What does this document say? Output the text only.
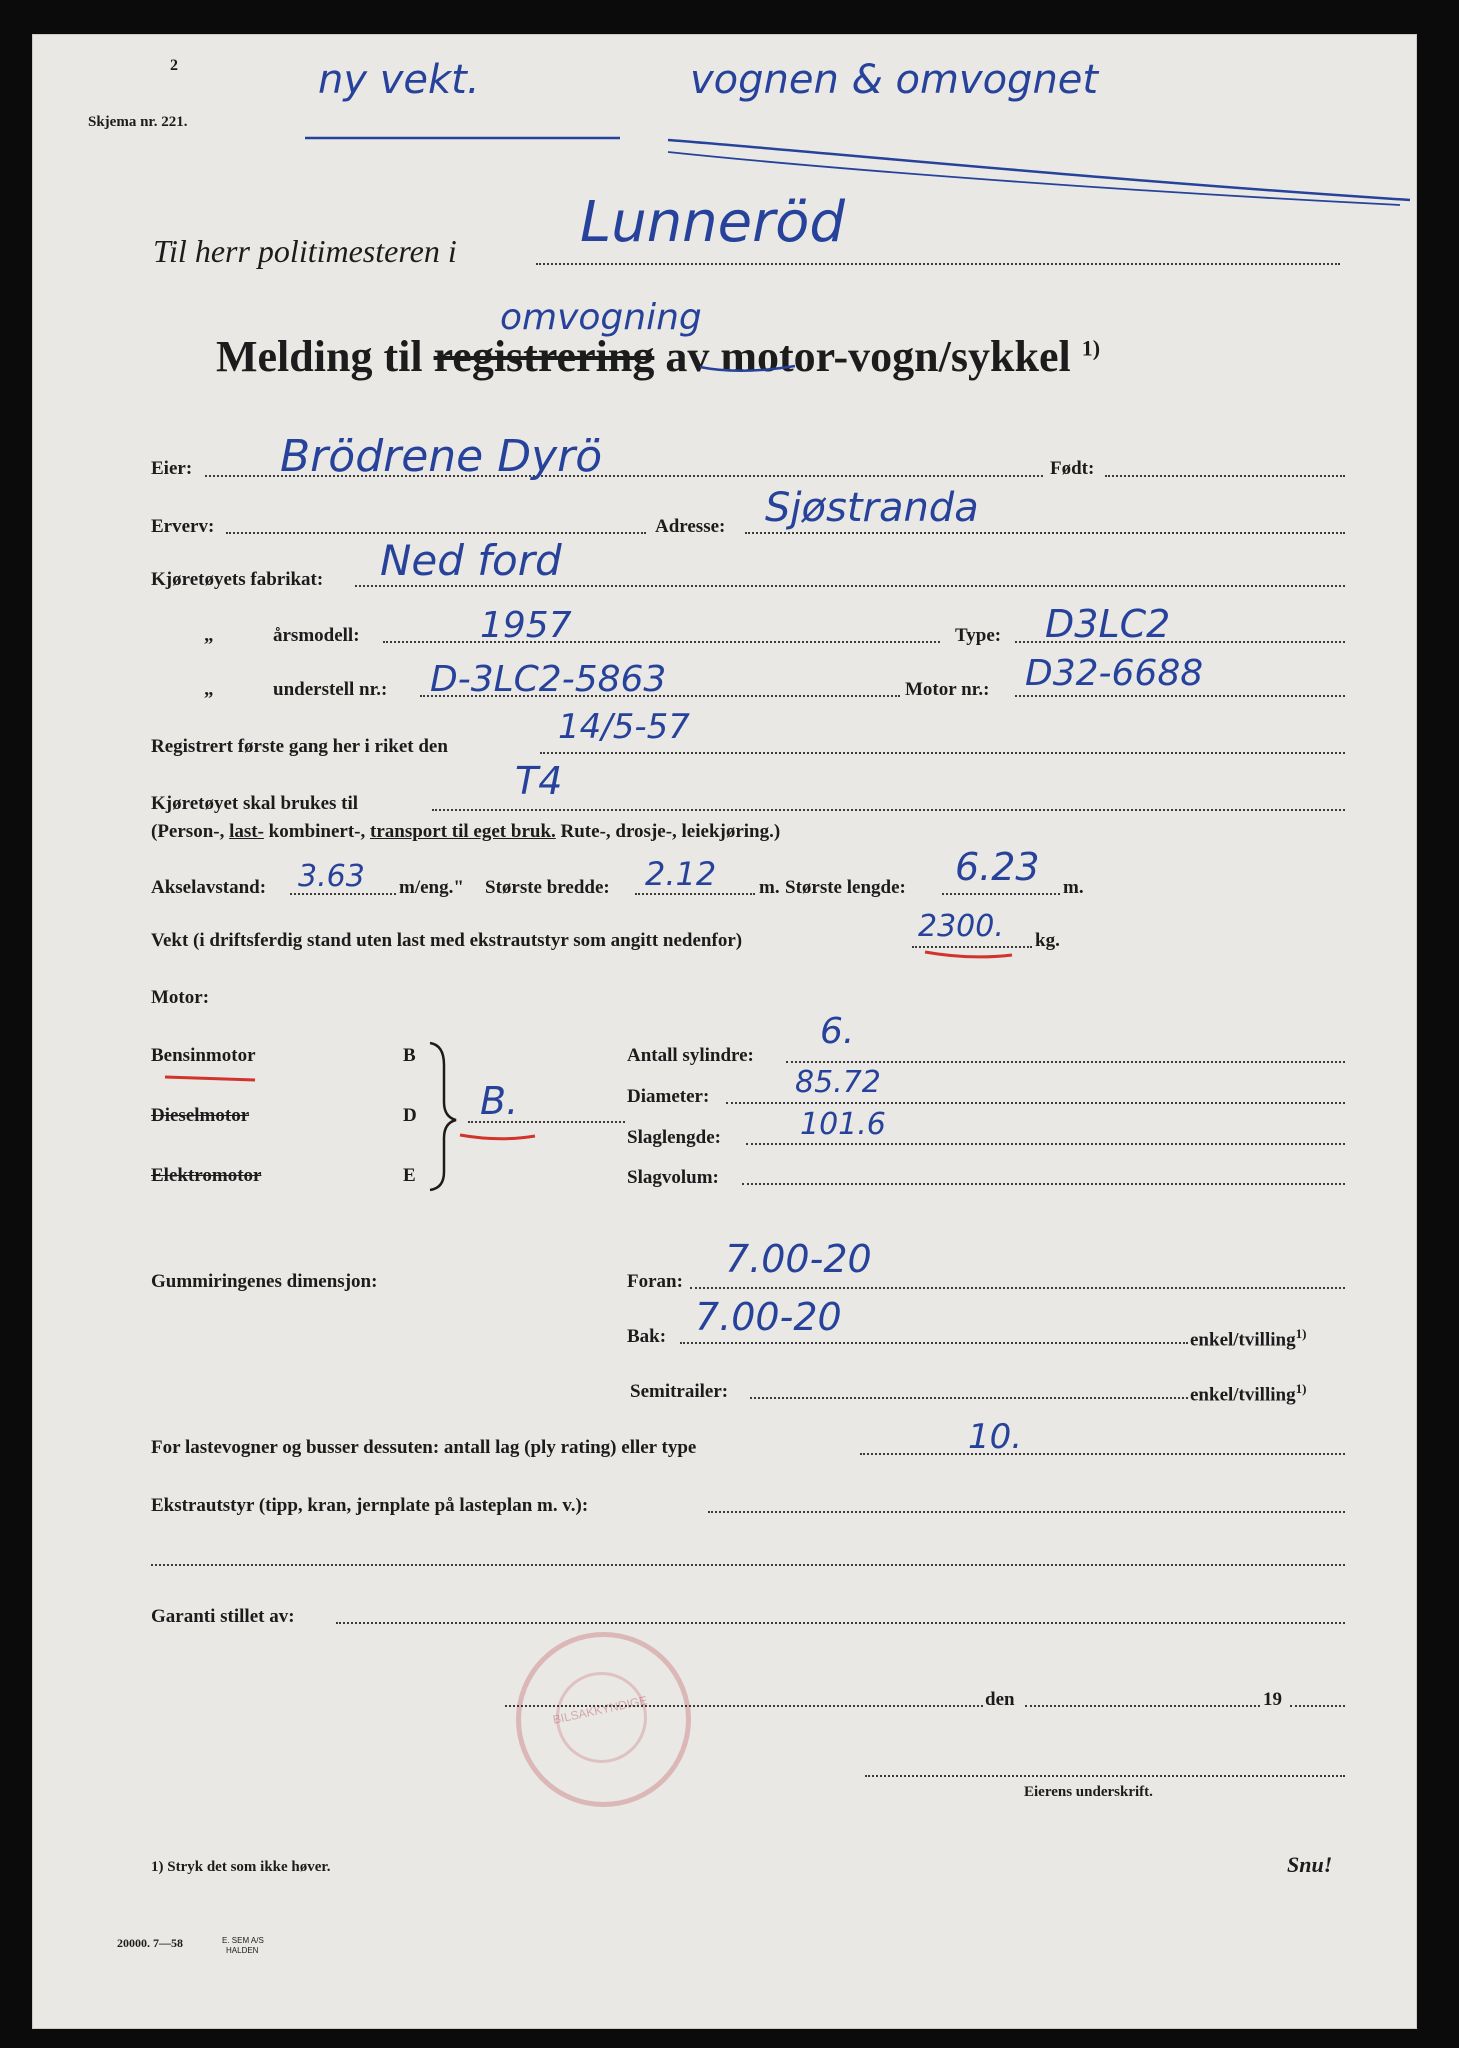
BILSAKKYNDIGE
Skjema nr. 221.
2	ny vekt.	vognen & omvognet
Til herr politimesteren i Lunneröd
Melding til registrering av motor-vogn/sykkel $^{1)}$
omvogning
Eier: Brödrene Dyrö	Født:
Erverv:	Adresse: Sjøstranda
Kjøretøyets fabrikat: Ned ford
„	årsmodell:	1957	Type: D3LC2
„	understell nr.: D-3LC2-5863	Motor nr.: D32-6688
Registrert første gang her i riket den	14/5-57
Kjøretøyet skal brukes til
T4
(Person-, last- kombinert-, transport til eget bruk. Rute-, drosje-, leiekjøring.)
Akselavstand: 3.63 m/eng." Største bredde: 2.12 m. Største lengde: 6.23 m.
Vekt (i driftsferdig stand uten last med ekstrautstyr som angitt nedenfor)	2300. kg.
Motor:
Bensinmotor	B
Dieselmotor	D
Elektromotor	E
B.
Antall sylindre:
6.
Diameter:	85.72
Slaglengde:	101.6
Slagvolum:
Gummiringenes dimensjon:	Foran:
7.00-20
Bak: 7.00-20
enkel/tvilling$^{1)}$
Semitrailer:	enkel/tvilling$^{1)}$
For lastevogner og busser dessuten: antall lag (ply rating) eller type	10.
Ekstrautstyr (tipp, kran, jernplate på lasteplan m. v.):
Garanti stillet av:
den	19
Eierens underskrift.
1) Stryk det som ikke høver.	Snu!
20000. 7—58	E. SEM A/S
HALDEN
